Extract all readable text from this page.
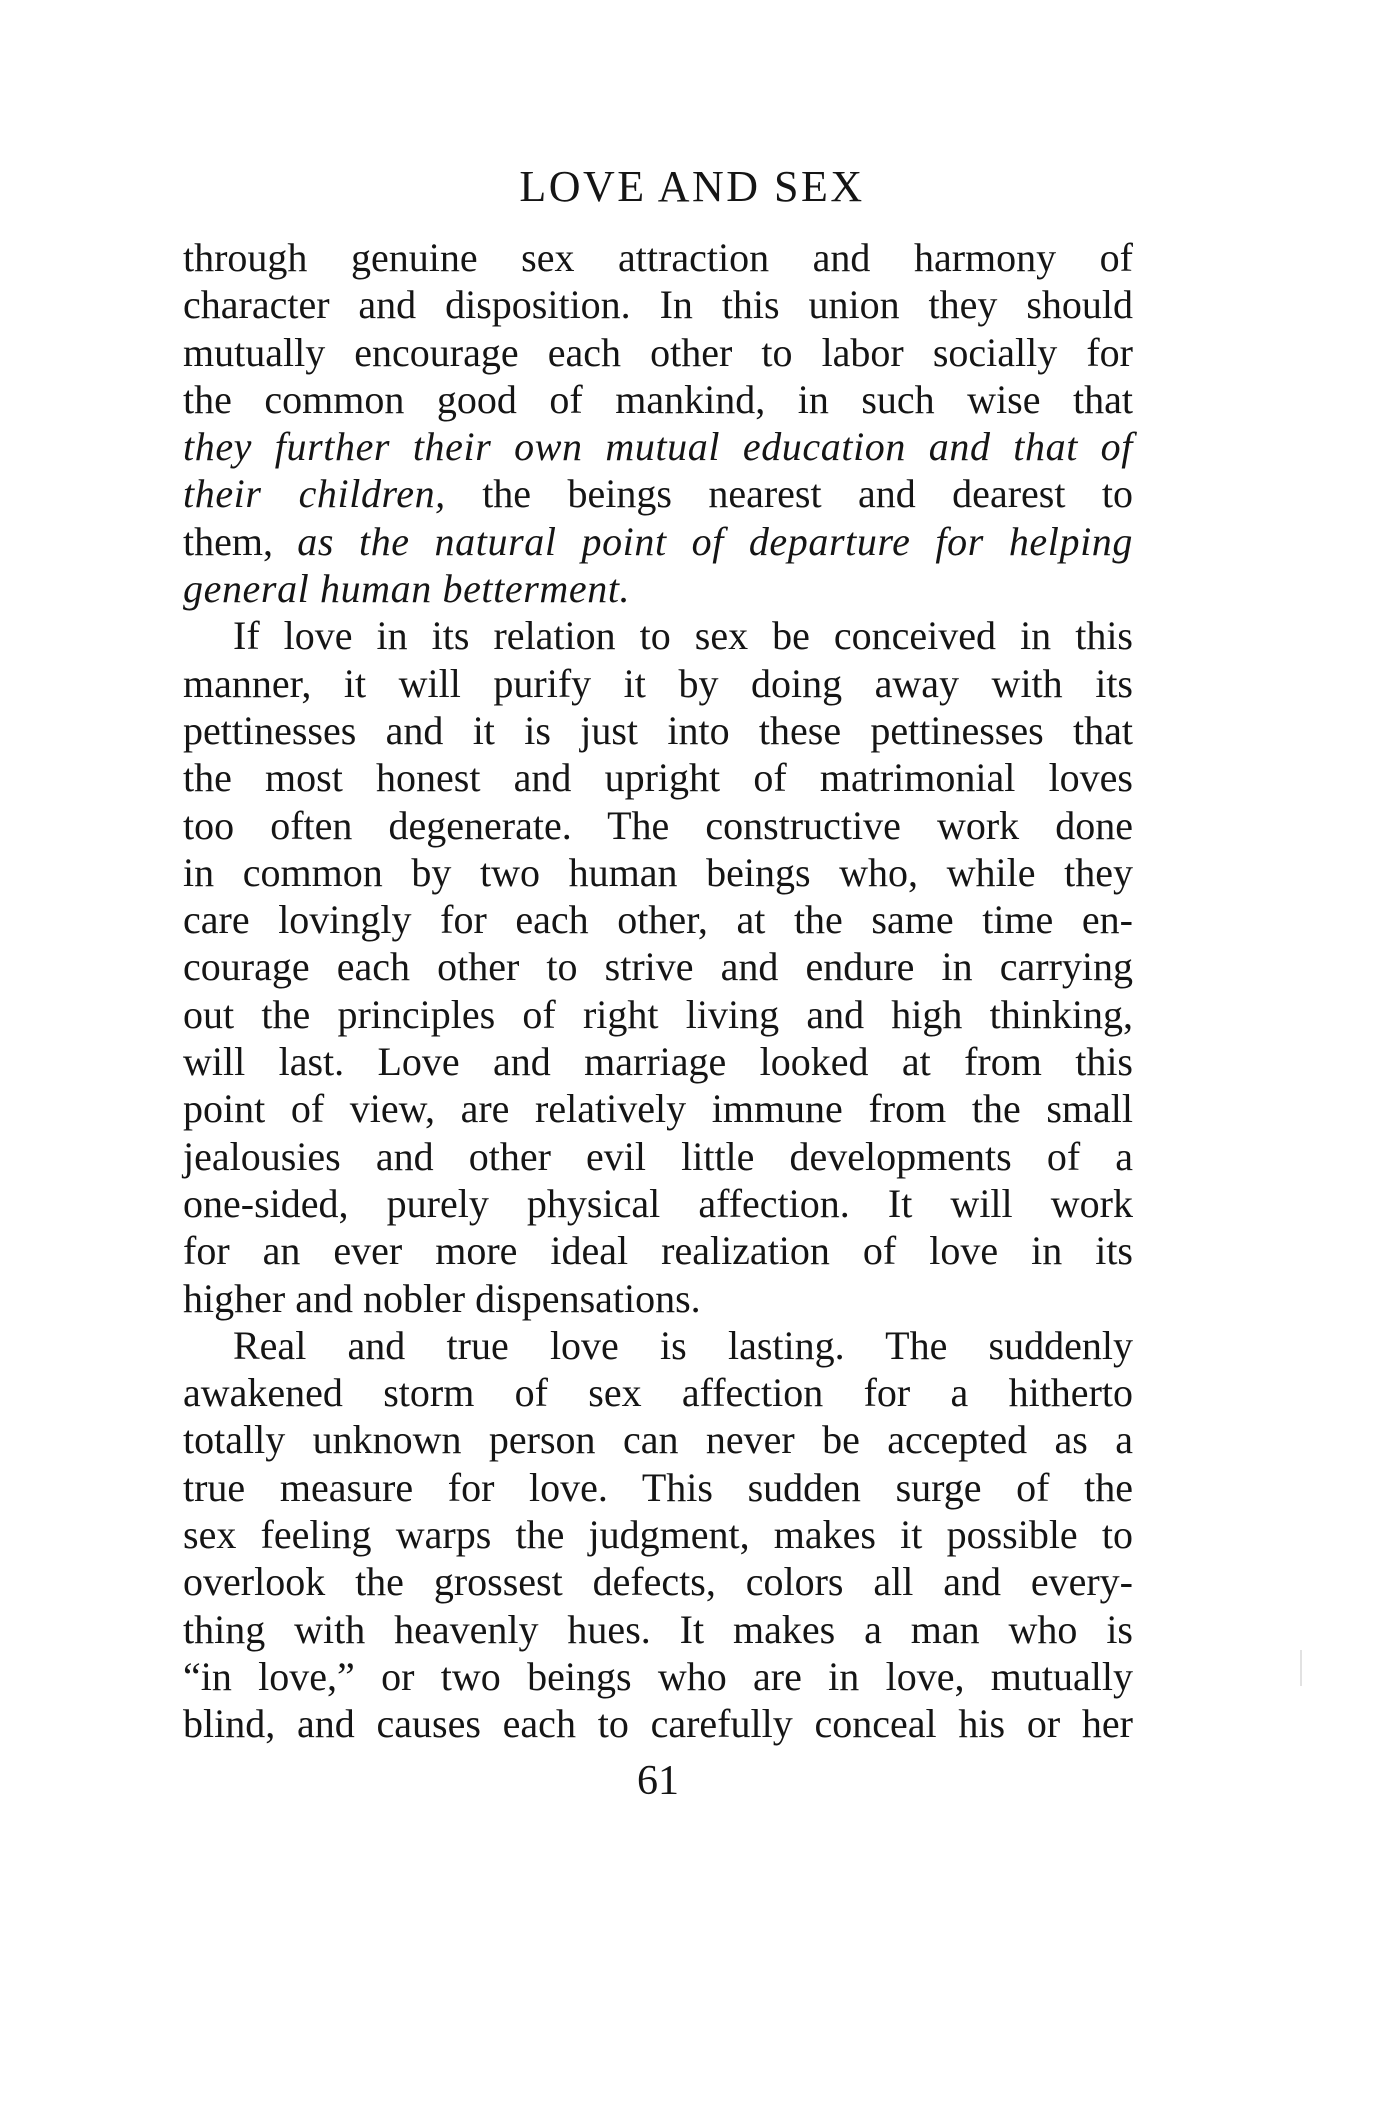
LOVE AND SEX
through genuine sex attraction and harmony of
character and disposition. In this union they should
mutually encourage each other to labor socially for
the common good of mankind, in such wise that
they further their own mutual education and that of
their children, the beings nearest and dearest to
them, as the natural point of departure for helping
general human betterment.
If love in its relation to sex be conceived in this
manner, it will purify it by doing away with its
pettinesses and it is just into these pettinesses that
the most honest and upright of matrimonial loves
too often degenerate. The constructive work done
in common by two human beings who, while they
care lovingly for each other, at the same time en-
courage each other to strive and endure in carrying
out the principles of right living and high thinking,
will last. Love and marriage looked at from this
point of view, are relatively immune from the small
jealousies and other evil little developments of a
one-sided, purely physical affection. It will work
for an ever more ideal realization of love in its
higher and nobler dispensations.
Real and true love is lasting. The suddenly
awakened storm of sex affection for a hitherto
totally unknown person can never be accepted as a
true measure for love. This sudden surge of the
sex feeling warps the judgment, makes it possible to
overlook the grossest defects, colors all and every-
thing with heavenly hues. It makes a man who is
“in love,” or two beings who are in love, mutually
blind, and causes each to carefully conceal his or her
61
